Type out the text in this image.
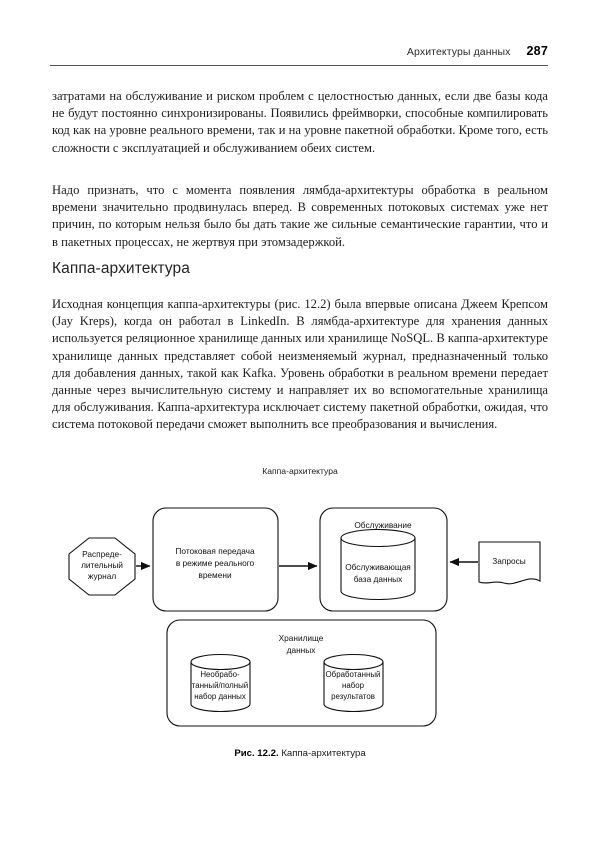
Архитектуры данных 287

затратами на обслуживание и риском проблем с целостностью данных, если две базы кода не будут постоянно синхронизированы. Появились фреймворки, способные компилировать код как на уровне реального времени, так и на уровне пакетной обработки. Кроме того, есть сложности с эксплуатацией и обслуживанием обеих систем.

Надо признать, что с момента появления лямбда-архитектуры обработка в реальном времени значительно продвинулась вперед. В современных потоковых системах уже нет причин, по которым нельзя было бы дать такие же сильные семантические гарантии, что и в пакетных процессах, не жертвуя при этомзадержкой.

Каппа-архитектура

Исходная концепция каппа-архитектуры (рис. 12.2) была впервые описана Джеем Крепсом (Jay Kreps), когда он работал в LinkedIn. В лямбда-архитектуре для хранения данных используется реляционное хранилище данных или хранилище NoSQL. В каппа-архитектуре хранилище данных представляет собой неизменяемый журнал, предназначенный только для добавления данных, такой как Kafka. Уровень обработки в реальном времени передает данные через вычислительную систему и направляет их во вспомогательные хранилища для обслуживания. Каппа-архитектура исключает систему пакетной обработки, ожидая, что система потоковой передачи сможет выполнить все преобразования и вычисления.

Каппа-архитектура
Распреде-
лительный
журнал
Потоковая передача
в режиме реального
времени
Обслуживание
Обслуживающая
база данных
Запросы
Хранилище
данных
Необрабо-
танный/полный
набор данных
Обработанный
набор
результатов
Рис. 12.2. Каппа-архитектура
